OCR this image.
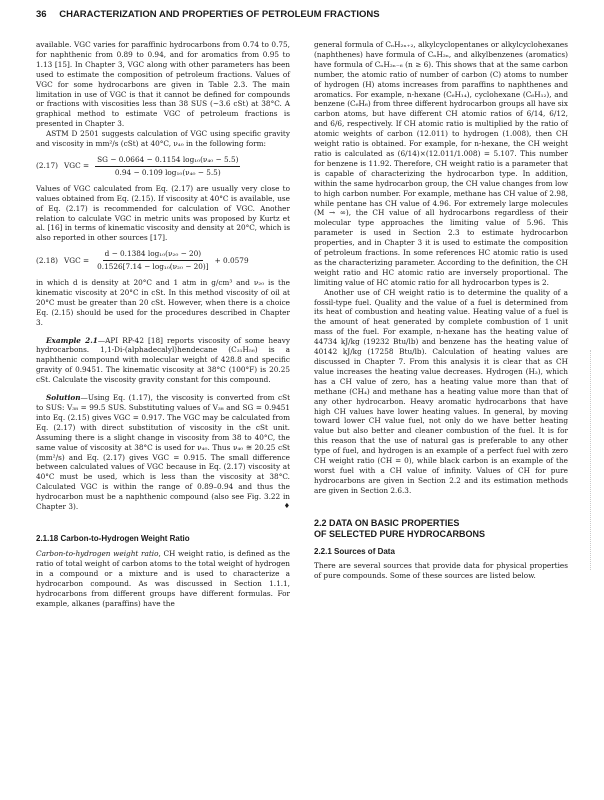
36 CHARACTERIZATION AND PROPERTIES OF PETROLEUM FRACTIONS

available. VGC varies for paraffinic hydrocarbons from 0.74 to 0.75, for naphthenic from 0.89 to 0.94, and for aromatics from 0.95 to 1.13 [15]. In Chapter 3, VGC along with other parameters has been used to estimate the composition of petroleum fractions. Values of VGC for some hydrocarbons are given in Table 2.3. The main limitation in use of VGC is that it cannot be defined for compounds or fractions with viscosities less than 38 SUS (~3.6 cSt) at 38°C. A graphical method to estimate VGC of petroleum fractions is presented in Chapter 3.

ASTM D 2501 suggests calculation of VGC using specific gravity and viscosity in mm²/s (cSt) at 40°C, ν₄₀ in the following form:

(2.17) VGC = $\frac{\text{SG − 0.0664 − 0.1154 log₁₀(ν₄₀ − 5.5)}}{\text{0.94 − 0.109 log₁₀(ν₄₀ − 5.5)}}$

Values of VGC calculated from Eq. (2.17) are usually very close to values obtained from Eq. (2.15). If viscosity at 40°C is available, use of Eq. (2.17) is recommended for calculation of VGC. Another relation to calculate VGC in metric units was proposed by Kurtz et al. [16] in terms of kinematic viscosity and density at 20°C, which is also reported in other sources [17].

(2.18) VGC = $\frac{\text{d − 0.1384 log₁₀(ν₂₀ − 20)}}{\text{0.1526[7.14 − log₁₀(ν₂₀ − 20)]}} + 0.0579$

in which d is density at 20°C and 1 atm in g/cm³ and ν₂₀ is the kinematic viscosity at 20°C in cSt. In this method viscosity of oil at 20°C must be greater than 20 cSt. However, when there is a choice Eq. (2.15) should be used for the procedures described in Chapter 3.

Example 2.1—API RP-42 [18] reports viscosity of some heavy hydrocarbons. 1,1-Di-(alphadecalyl)hendecane (C₃₁H₅₆) is a naphthenic compound with molecular weight of 428.8 and specific gravity of 0.9451. The kinematic viscosity at 38°C (100°F) is 20.25 cSt. Calculate the viscosity gravity constant for this compound.

Solution—Using Eq. (1.17), the viscosity is converted from cSt to SUS: V₃₈ = 99.5 SUS. Substituting values of V₃₈ and SG = 0.9451 into Eq. (2.15) gives VGC = 0.917. The VGC may be calculated from Eq. (2.17) with direct substitution of viscosity in the cSt unit. Assuming there is a slight change in viscosity from 38 to 40°C, the same value of viscosity at 38°C is used for ν₄₀. Thus ν₄₀ ≅ 20.25 cSt (mm²/s) and Eq. (2.17) gives VGC = 0.915. The small difference between calculated values of VGC because in Eq. (2.17) viscosity at 40°C must be used, which is less than the viscosity at 38°C. Calculated VGC is within the range of 0.89–0.94 and thus the hydrocarbon must be a naphthenic compound (also see Fig. 3.22 in Chapter 3).	♦

2.1.18 Carbon-to-Hydrogen Weight Ratio

Carbon-to-hydrogen weight ratio, CH weight ratio, is defined as the ratio of total weight of carbon atoms to the total weight of hydrogen in a compound or a mixture and is used to characterize a hydrocarbon compound. As was discussed in Section 1.1.1, hydrocarbons from different groups have different formulas. For example, alkanes (paraffins) have the

general formula of CₙH₂ₙ₊₂, alkylcyclopentanes or alkylcyclohexanes (naphthenes) have formula of CₙH₂ₙ, and alkylbenzenes (aromatics) have formula of CₙH₂ₙ₋₆ (n ≥ 6). This shows that at the same carbon number, the atomic ratio of number of carbon (C) atoms to number of hydrogen (H) atoms increases from paraffins to naphthenes and aromatics. For example, n-hexane (C₆H₁₄), cyclohexane (C₆H₁₂), and benzene (C₆H₆) from three different hydrocarbon groups all have six carbon atoms, but have different CH atomic ratios of 6/14, 6/12, and 6/6, respectively. If CH atomic ratio is multiplied by the ratio of atomic weights of carbon (12.011) to hydrogen (1.008), then CH weight ratio is obtained. For example, for n-hexane, the CH weight ratio is calculated as (6/14)×(12.011/1.008) = 5.107. This number for benzene is 11.92. Therefore, CH weight ratio is a parameter that is capable of characterizing the hydrocarbon type. In addition, within the same hydrocarbon group, the CH value changes from low to high carbon number. For example, methane has CH value of 2.98, while pentane has CH value of 4.96. For extremely large molecules (M → ∞), the CH value of all hydrocarbons regardless of their molecular type approaches the limiting value of 5.96. This parameter is used in Section 2.3 to estimate hydrocarbon properties, and in Chapter 3 it is used to estimate the composition of petroleum fractions. In some references HC atomic ratio is used as the characterizing parameter. According to the definition, the CH weight ratio and HC atomic ratio are inversely proportional. The limiting value of HC atomic ratio for all hydrocarbon types is 2.

Another use of CH weight ratio is to determine the quality of a fossil-type fuel. Quality and the value of a fuel is determined from its heat of combustion and heating value. Heating value of a fuel is the amount of heat generated by complete combustion of 1 unit mass of the fuel. For example, n-hexane has the heating value of 44734 kJ/kg (19232 Btu/lb) and benzene has the heating value of 40142 kJ/kg (17258 Btu/lb). Calculation of heating values are discussed in Chapter 7. From this analysis it is clear that as CH value increases the heating value decreases. Hydrogen (H₂), which has a CH value of zero, has a heating value more than that of methane (CH₄) and methane has a heating value more than that of any other hydrocarbon. Heavy aromatic hydrocarbons that have high CH values have lower heating values. In general, by moving toward lower CH value fuel, not only do we have better heating value but also better and cleaner combustion of the fuel. It is for this reason that the use of natural gas is preferable to any other type of fuel, and hydrogen is an example of a perfect fuel with zero CH weight ratio (CH = 0), while black carbon is an example of the worst fuel with a CH value of infinity. Values of CH for pure hydrocarbons are given in Section 2.2 and its estimation methods are given in Section 2.6.3.

2.2 DATA ON BASIC PROPERTIES
OF SELECTED PURE HYDROCARBONS

2.2.1 Sources of Data

There are several sources that provide data for physical properties of pure compounds. Some of these sources are listed below.
